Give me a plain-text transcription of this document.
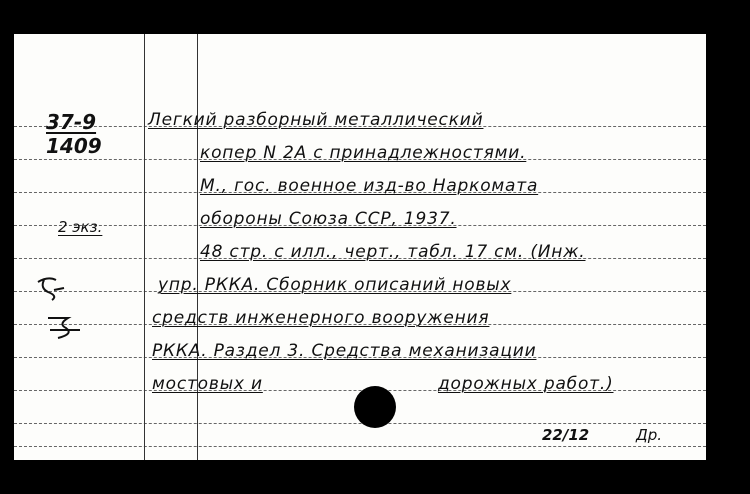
37-9
1409
2 экз.
Легкий разборный металлический
копер N 2A с принадлежностями.
М., гос. военное изд-во Наркомата
обороны Союза ССР, 1937.
48 стр. с илл., черт., табл. 17 см. (Инж.
упр. РККА. Сборник описаний новых
средств инженерного вооружения
РККА. Раздел 3. Средства механизации
мостовых и	дорожных работ.)
22/12	Др.
